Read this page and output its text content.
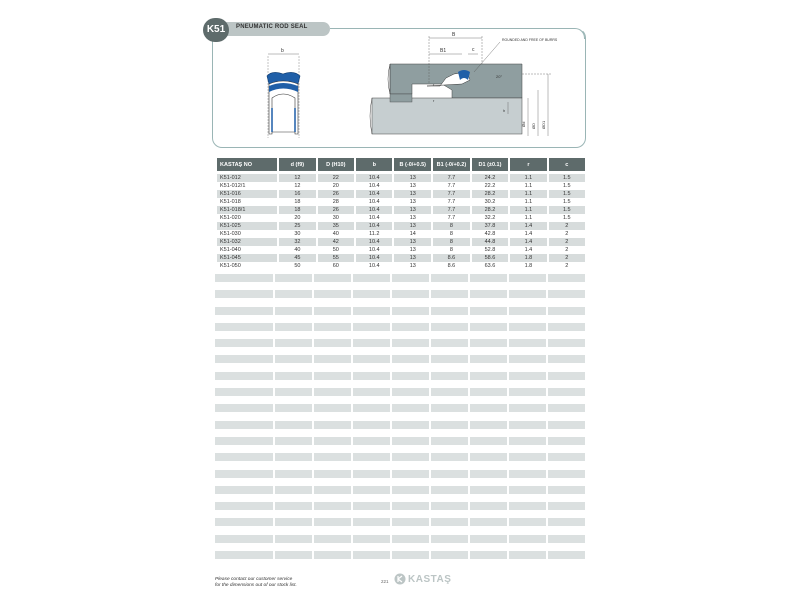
K51	PNEUMATIC ROD SEAL
b
B
B1	c
ROUNDED AND FREE OF BURRS
20°
r
r
Ød ØD ØD1
h
KASTAŞ NO	d (f9)	D (H10)	b	B (-0/+0.5)	B1 (-0/+0.2)	D1 (±0.1)	r	c

K51-012	12	22	10.4	13	7.7	24.2	1.1	1.5
K51-012/1	12	20	10.4	13	7.7	22.2	1.1	1.5
K51-016	16	26	10.4	13	7.7	28.2	1.1	1.5
K51-018	18	28	10.4	13	7.7	30.2	1.1	1.5
K51-018/1	18	26	10.4	13	7.7	28.2	1.1	1.5
K51-020	20	30	10.4	13	7.7	32.2	1.1	1.5
K51-025	25	35	10.4	13	8	37.8	1.4	2
K51-030	30	40	11.2	14	8	42.8	1.4	2
K51-032	32	42	10.4	13	8	44.8	1.4	2
K51-040	40	50	10.4	13	8	52.8	1.4	2
K51-045	45	55	10.4	13	8.6	58.6	1.8	2
K51-050	50	60	10.4	13	8.6	63.6	1.8	2
Please contact our customer service
for the dimensions out of our stock list.
221 KASTAŞ
